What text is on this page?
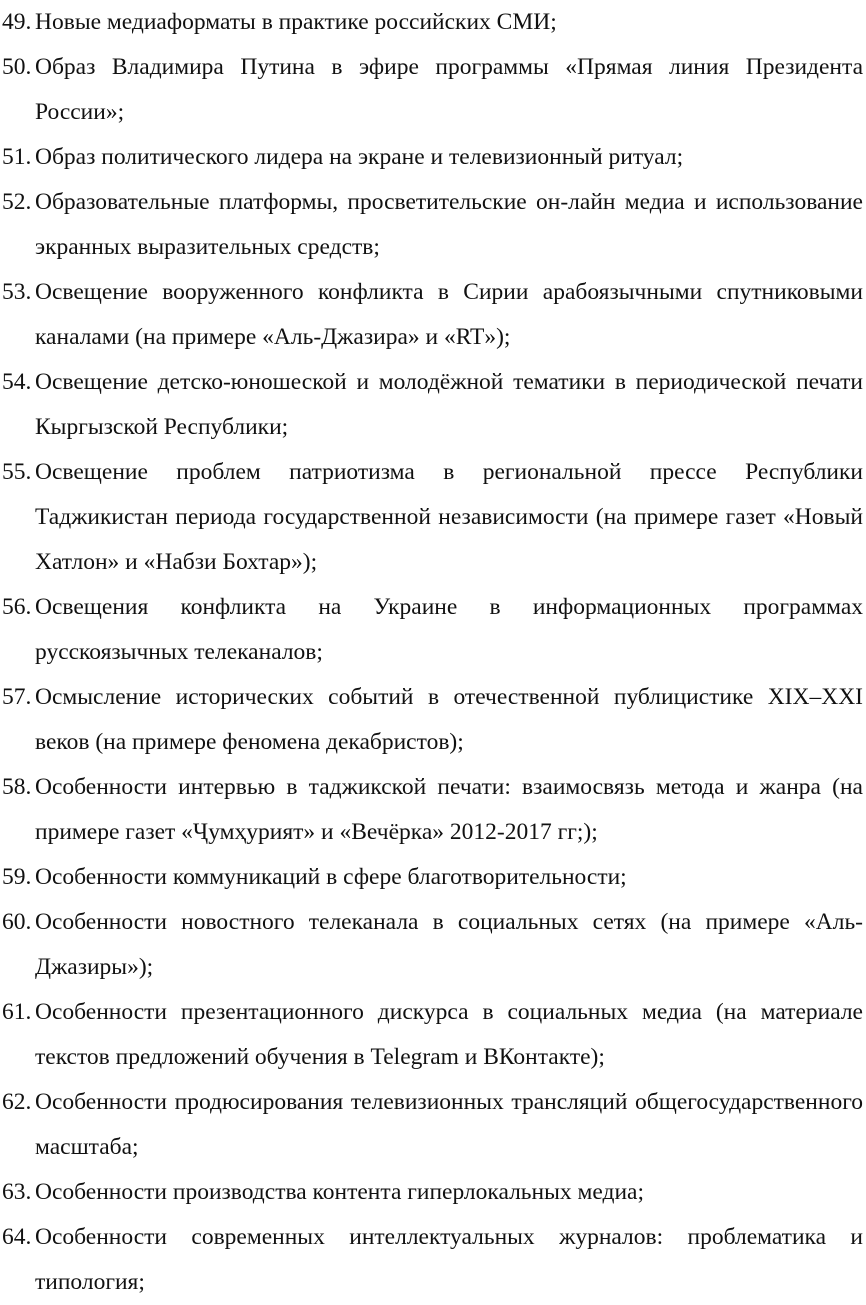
49. Новые медиаформаты в практике российских СМИ;
50. Образ Владимира Путина в эфире программы «Прямая линия Президента России»;
51. Образ политического лидера на экране и телевизионный ритуал;
52. Образовательные платформы, просветительские он-лайн медиа и использование экранных выразительных средств;
53. Освещение вооруженного конфликта в Сирии арабоязычными спутниковыми каналами (на примере «Аль-Джазира» и «RT»);
54. Освещение детско-юношеской и молодёжной тематики в периодической печати Кыргызской Республики;
55. Освещение проблем патриотизма в региональной прессе Республики Таджикистан периода государственной независимости (на примере газет «Новый Хатлон» и «Набзи Бохтар»);
56. Освещения конфликта на Украине в информационных программах русскоязычных телеканалов;
57. Осмысление исторических событий в отечественной публицистике XIX–XXI веков (на примере феномена декабристов);
58. Особенности интервью в таджикской печати: взаимосвязь метода и жанра (на примере газет «Ҷумҳурият» и «Вечёрка» 2012-2017 гг;);
59. Особенности коммуникаций в сфере благотворительности;
60. Особенности новостного телеканала в социальных сетях (на примере «Аль-Джазиры»);
61. Особенности презентационного дискурса в социальных медиа (на материале текстов предложений обучения в Telegram и ВКонтакте);
62. Особенности продюсирования телевизионных трансляций общегосударственного масштаба;
63. Особенности производства контента гиперлокальных медиа;
64. Особенности современных интеллектуальных журналов: проблематика и типология;
